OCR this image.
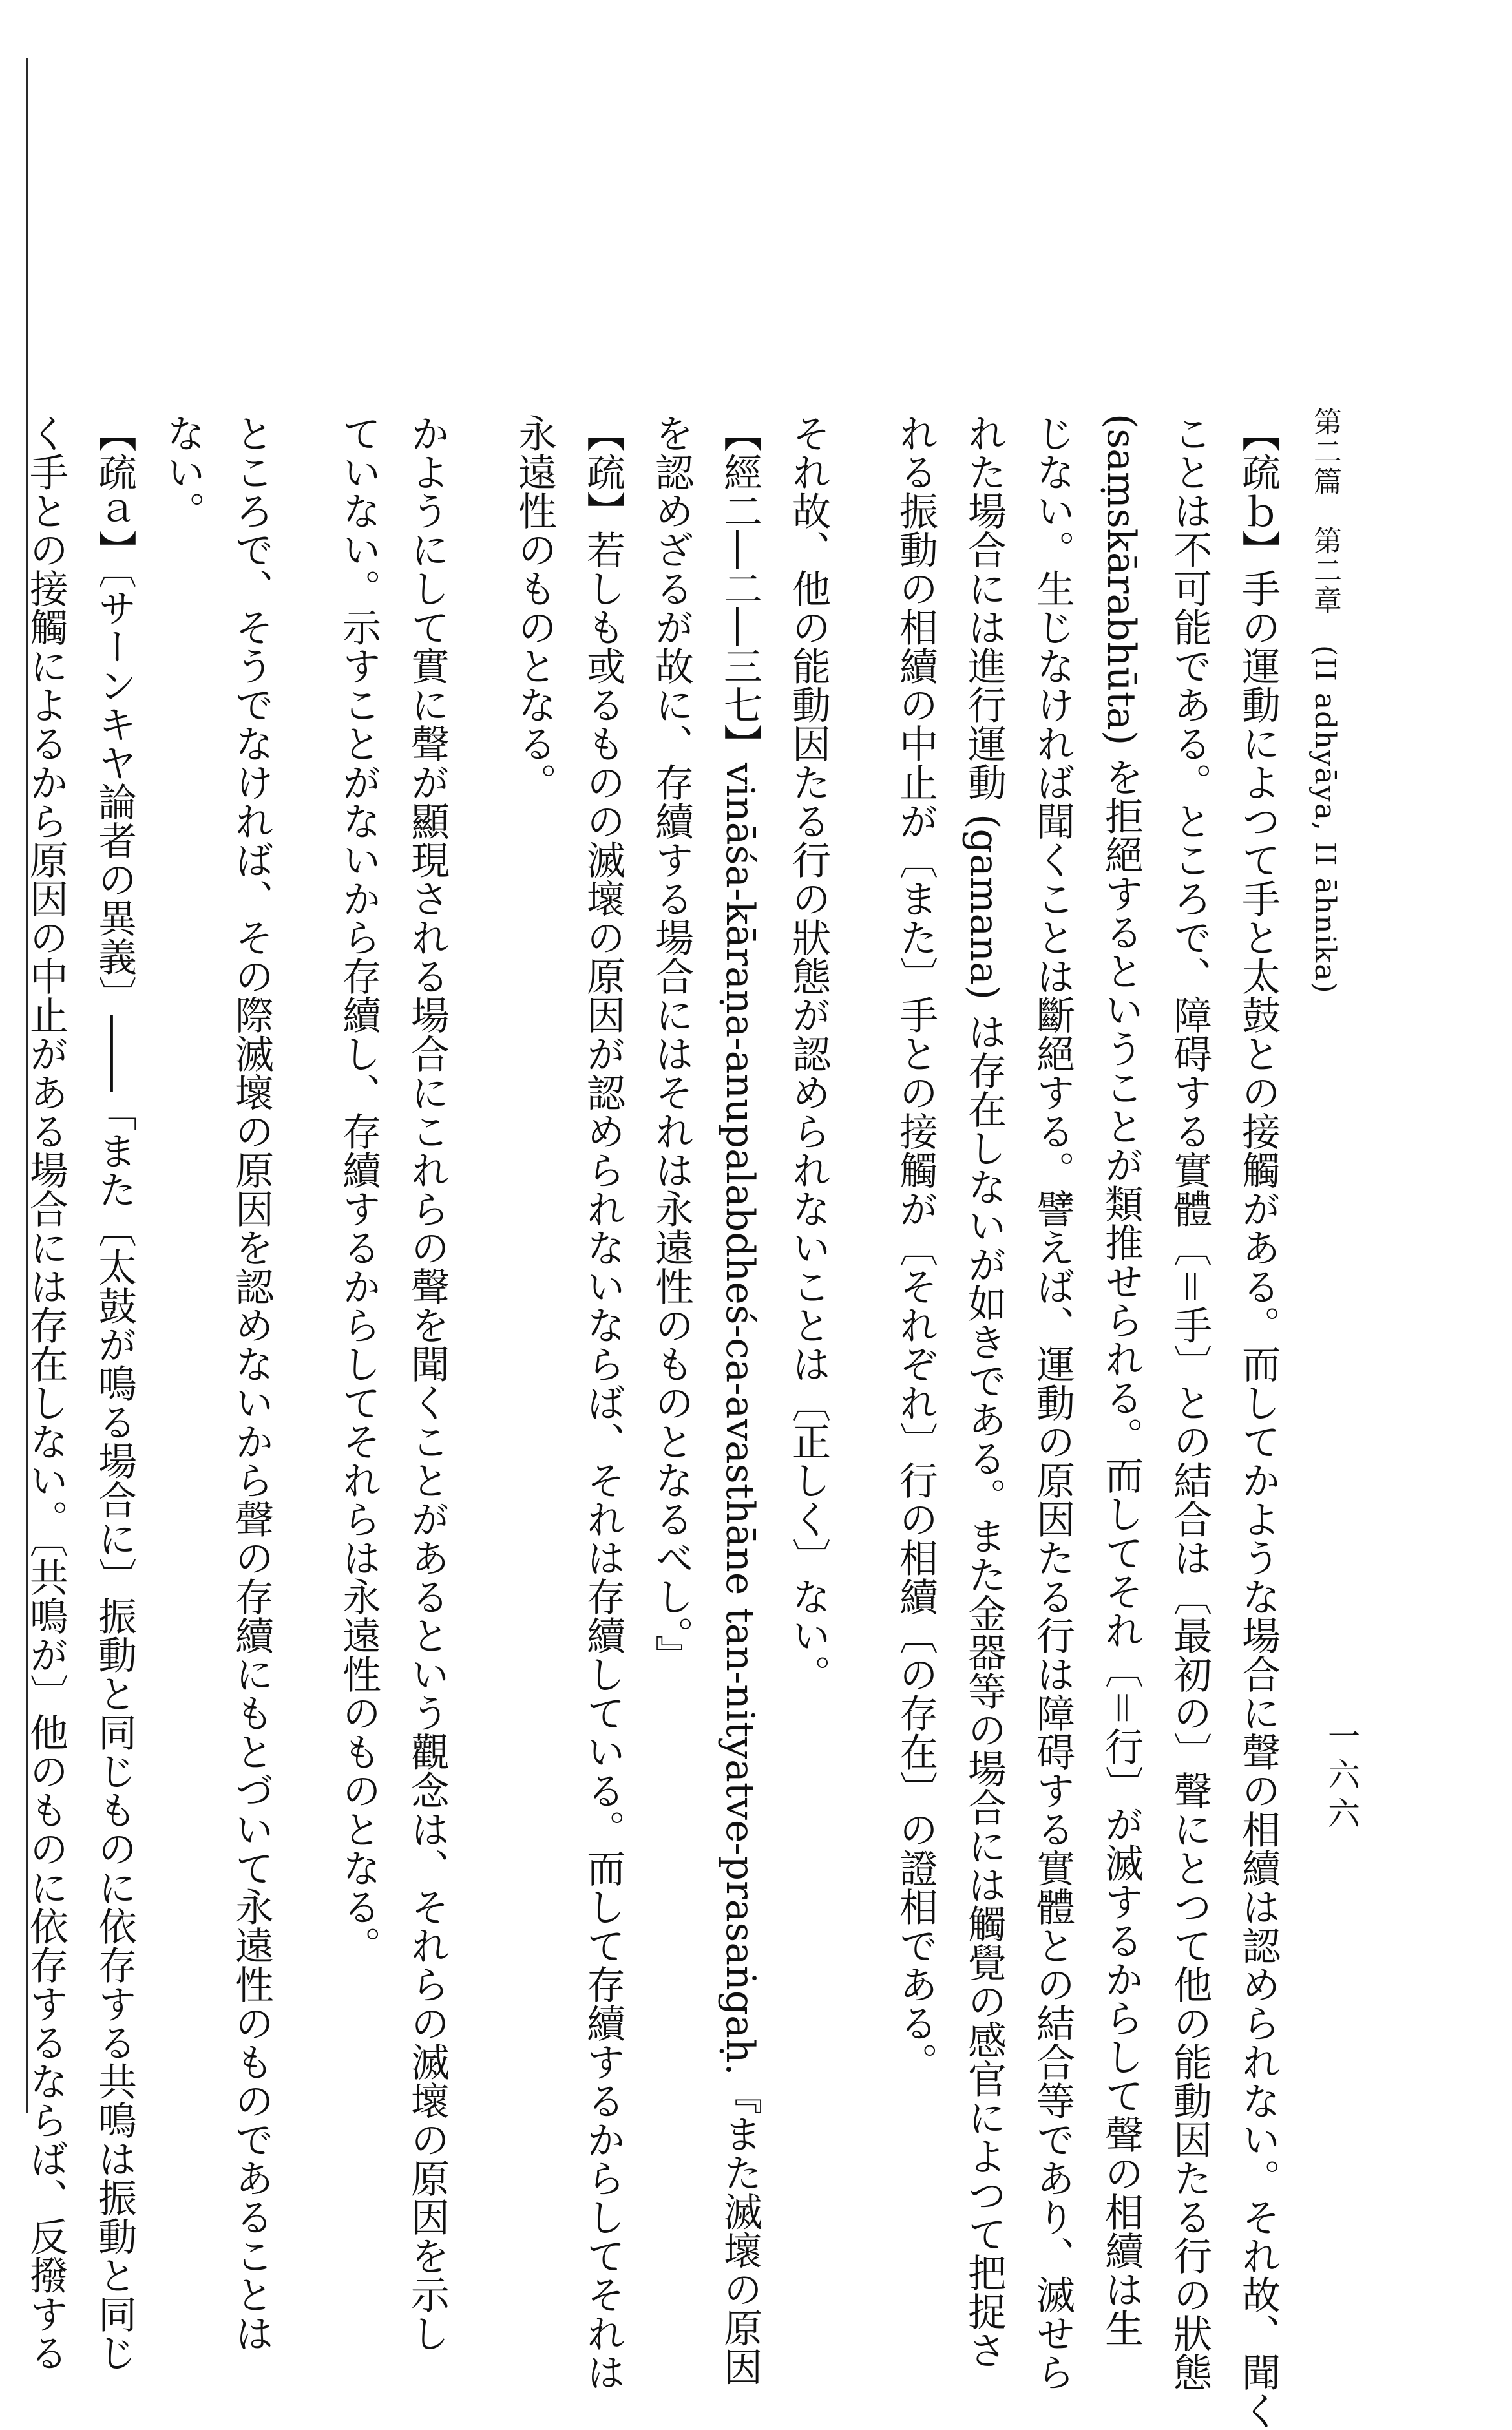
第二篇　第二章　(II adhyāya, II āhnika)
一六六

【疏ｂ】手の運動によつて手と太鼓との接觸がある。而してかような場合に聲の相續は認められない。それ故、聞く

ことは不可能である。ところで、障碍する實體〔＝手〕との結合は〔最初の〕聲にとつて他の能動因たる行の狀態

(saṃskārabhūta) を拒絕するということが類推せられる。而してそれ〔＝行〕が滅するからして聲の相續は生

じない。生じなければ聞くことは斷絕する。譬えば、運動の原因たる行は障碍する實體との結合等であり、滅せら

れた場合には進行運動 (gamana) は存在しないが如きである。また金器等の場合には觸覺の感官によつて把捉さ

れる振動の相續の中止が〔また〕手との接觸が〔それぞれ〕行の相續〔の存在〕の證相である。

それ故、他の能動因たる行の狀態が認められないことは〔正しく〕ない。

【經二―二―三七】vināśa-kāraṇa-anupalabdheś-ca-avasthāne tan-nityatve-prasaṅgaḥ.『また滅壞の原因

を認めざるが故に、存續する場合にはそれは永遠性のものとなるべし。』

【疏】若しも或るものの滅壞の原因が認められないならば、それは存續している。而して存續するからしてそれは

永遠性のものとなる。

かようにして實に聲が顯現される場合にこれらの聲を聞くことがあるという觀念は、それらの滅壞の原因を示し

ていない。示すことがないから存續し、存續するからしてそれらは永遠性のものとなる。

ところで、そうでなければ、その際滅壞の原因を認めないから聲の存續にもとづいて永遠性のものであることは

ない。

【疏ａ】〔サーンキヤ論者の異義〕――「また〔太鼓が鳴る場合に〕振動と同じものに依存する共鳴は振動と同じ

く手との接觸によるから原因の中止がある場合には存在しない。〔共鳴が〕他のものに依存するならば、反撥する
